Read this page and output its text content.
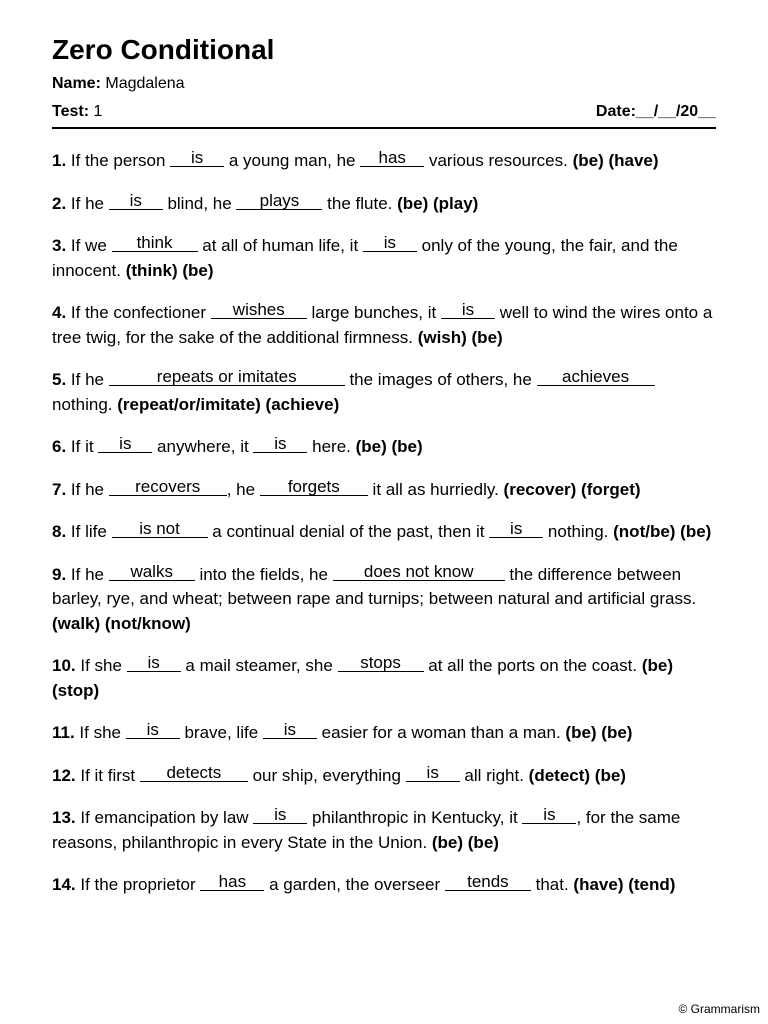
Zero Conditional
Name: Magdalena
Test: 1	Date:__/__/20__
1. If the person is a young man, he has various resources. (be) (have)
2. If he is blind, he plays the flute. (be) (play)
3. If we think at all of human life, it is only of the young, the fair, and the innocent. (think) (be)
4. If the confectioner wishes large bunches, it is well to wind the wires onto a tree twig, for the sake of the additional firmness. (wish) (be)
5. If he	repeats or imitates	the images of others, he achieves nothing. (repeat/or/imitate) (achieve)
6. If it is anywhere, it is here. (be) (be)
7. If he recovers , he forgets it all as hurriedly. (recover) (forget)
8. If life is not a continual denial of the past, then it is nothing. (not/be) (be)
9. If he walks into the fields, he does not know the difference between barley, rye, and wheat; between rape and turnips; between natural and artificial grass. (walk) (not/know)
10. If she is a mail steamer, she stops at all the ports on the coast. (be) (stop)
11. If she is brave, life is easier for a woman than a man. (be) (be)
12. If it first detects our ship, everything is all right. (detect) (be)
13. If emancipation by law is philanthropic in Kentucky, it is , for the same reasons, philanthropic in every State in the Union. (be) (be)
14. If the proprietor has a garden, the overseer tends that. (have) (tend)
© Grammarism
